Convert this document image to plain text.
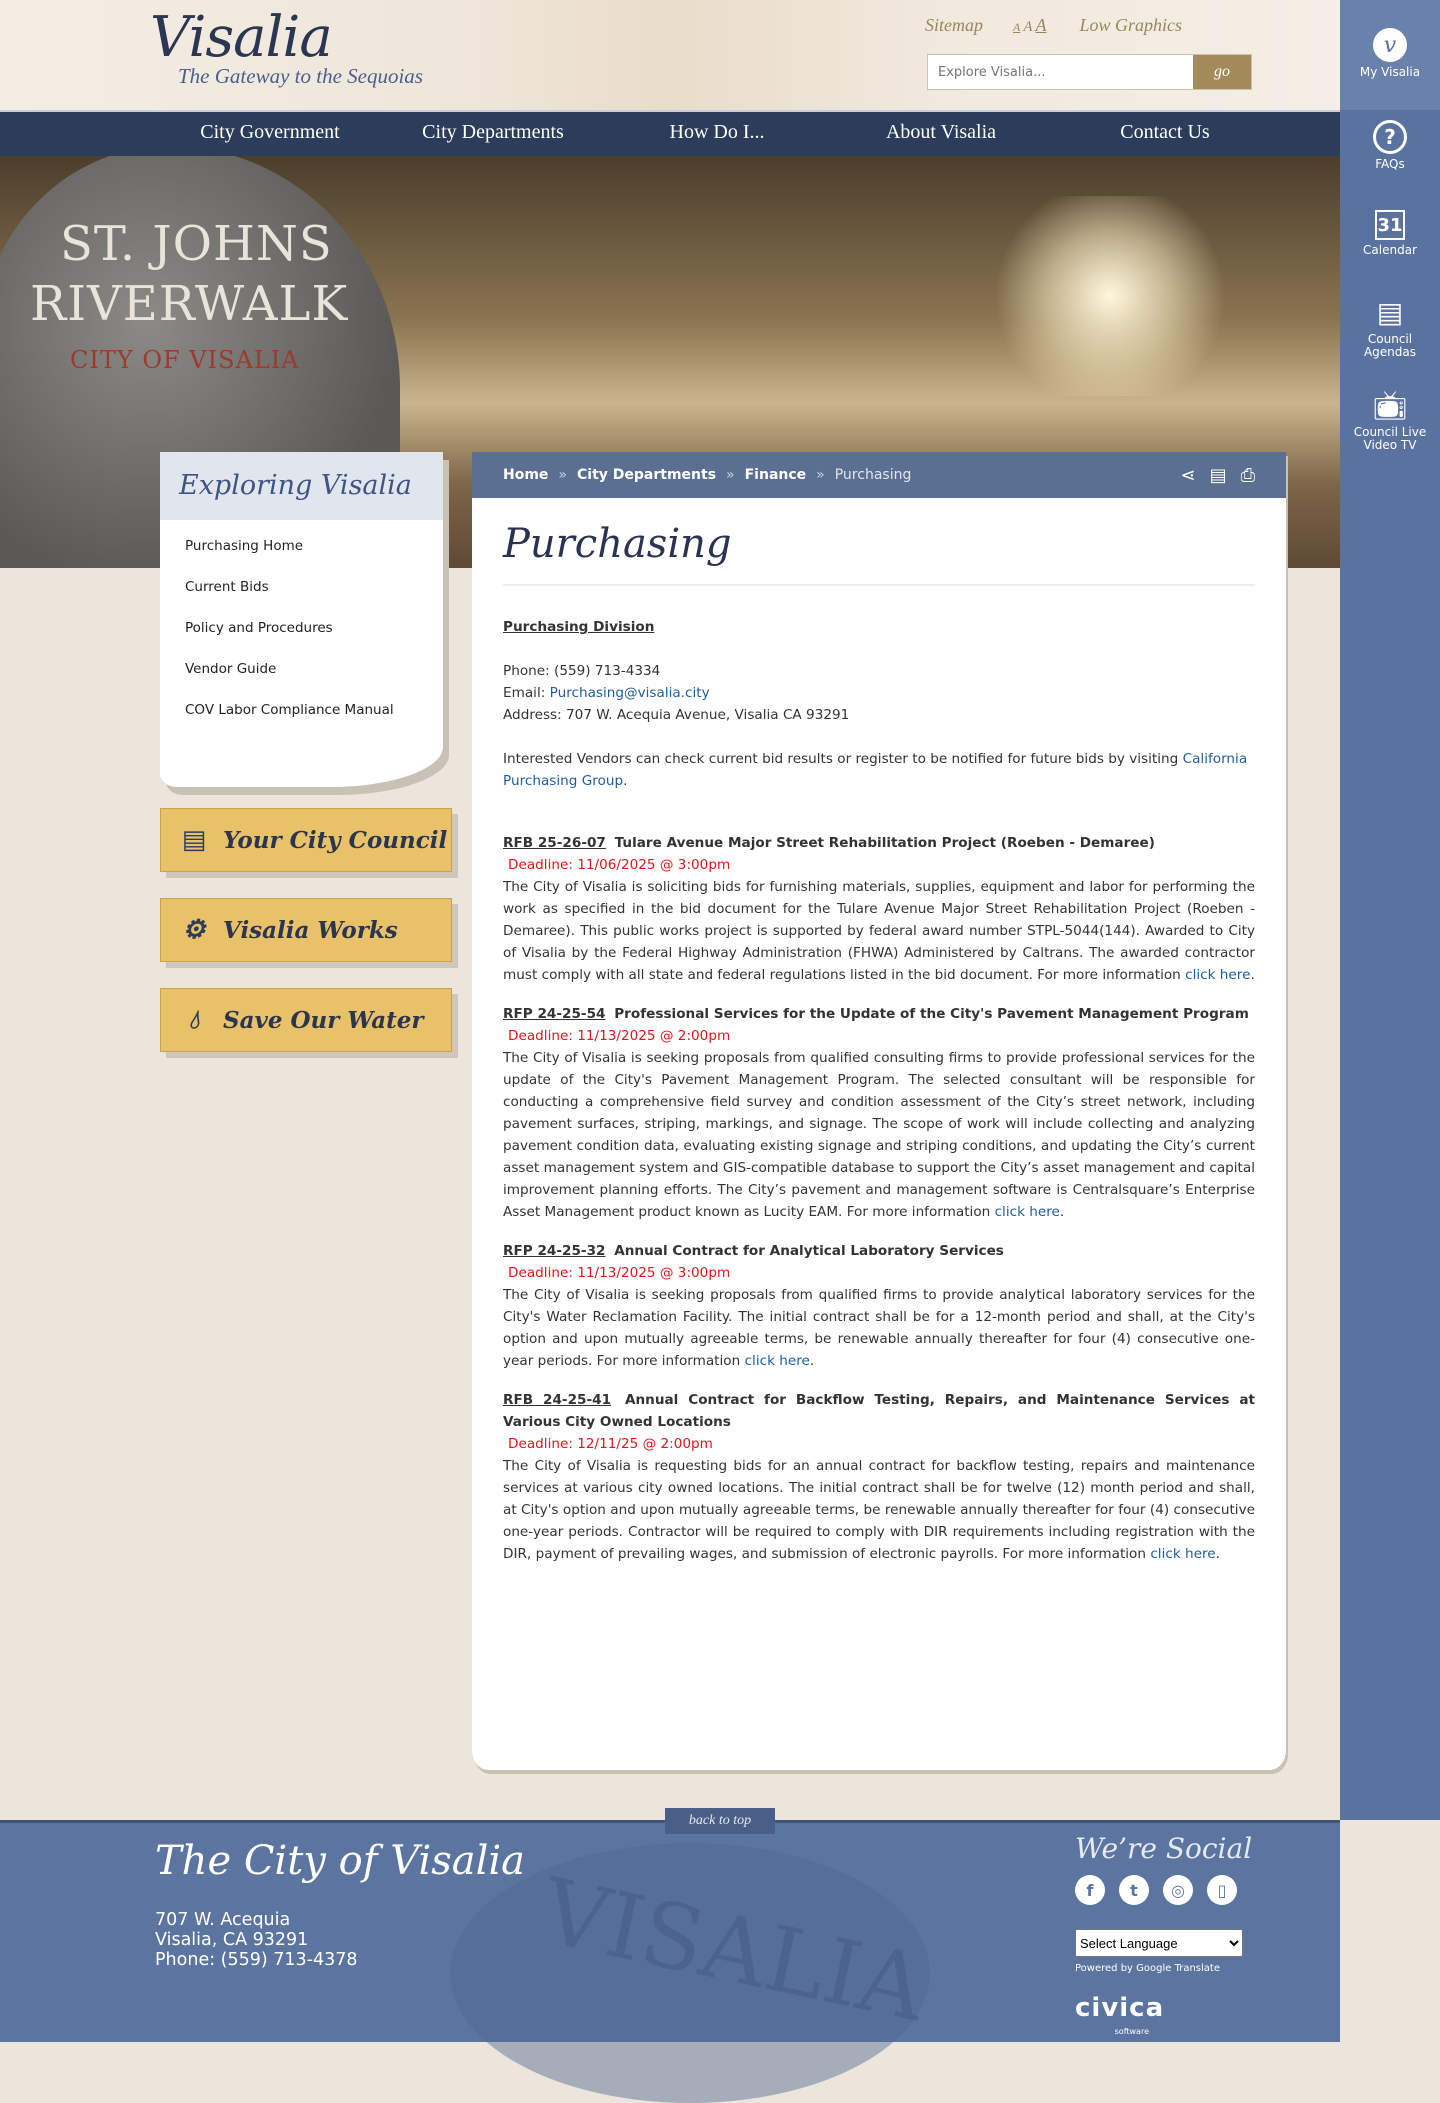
Visalia
The Gateway to the Sequoias
Sitemap	A A A Low Graphics
Explore Visalia...
go
City Government	City Departments	How Do I...	About Visalia	Contact Us
ST. JOHNS
RIVERWALK
CITY OF VISALIA
v
My Visalia
?
FAQs
31
Calendar
▤
Council Agendas
📺︎
Council Live Video TV
Exploring Visalia
Purchasing Home
Current Bids
Policy and Procedures
Vendor Guide
COV Labor Compliance Manual
▤ Your City Council
⚙ Visalia Works
💧︎	Save Our Water
Home » City Departments » Finance » Purchasing	⋖ ▤ ⎙
Purchasing

Purchasing Division

Phone: (559) 713-4334
Email: Purchasing@visalia.city
Address: 707 W. Acequia Avenue, Visalia CA 93291

Interested Vendors can check current bid results or register to be notified for future bids by visiting California Purchasing Group.

RFB 25-26-07 Tulare Avenue Major Street Rehabilitation Project (Roeben - Demaree)
Deadline: 11/06/2025 @ 3:00pm
The City of Visalia is soliciting bids for furnishing materials, supplies, equipment and labor for performing the work as specified in the bid document for the Tulare Avenue Major Street Rehabilitation Project (Roeben - Demaree). This public works project is supported by federal award number STPL-5044(144). Awarded to City of Visalia by the Federal Highway Administration (FHWA) Administered by Caltrans. The awarded contractor must comply with all state and federal regulations listed in the bid document. For more information click here.
RFP 24-25-54 Professional Services for the Update of the City's Pavement Management Program
Deadline: 11/13/2025 @ 2:00pm
The City of Visalia is seeking proposals from qualified consulting firms to provide professional services for the update of the City's Pavement Management Program. The selected consultant will be responsible for conducting a comprehensive field survey and condition assessment of the City’s street network, including pavement surfaces, striping, markings, and signage. The scope of work will include collecting and analyzing pavement condition data, evaluating existing signage and striping conditions, and updating the City’s current asset management system and GIS-compatible database to support the City’s asset management and capital improvement planning efforts. The City’s pavement and management software is Centralsquare’s Enterprise Asset Management product known as Lucity EAM. For more information click here.
RFP 24-25-32 Annual Contract for Analytical Laboratory Services
Deadline: 11/13/2025 @ 3:00pm
The City of Visalia is seeking proposals from qualified firms to provide analytical laboratory services for the City's Water Reclamation Facility. The initial contract shall be for a 12-month period and shall, at the City's option and upon mutually agreeable terms, be renewable annually thereafter for four (4) consecutive one-year periods. For more information click here.
RFB 24-25-41 Annual Contract for Backflow Testing, Repairs, and Maintenance Services at Various City Owned Locations
Deadline: 12/11/25 @ 2:00pm
The City of Visalia is requesting bids for an annual contract for backflow testing, repairs and maintenance services at various city owned locations. The initial contract shall be for twelve (12) month period and shall, at City's option and upon mutually agreeable terms, be renewable annually thereafter for four (4) consecutive one-year periods. Contractor will be required to comply with DIR requirements including registration with the DIR, payment of prevailing wages, and submission of electronic payrolls. For more information click here.
VISALIA
back to top
The City of Visalia
707 W. Acequia
Visalia, CA 93291
Phone: (559) 713-4378
We’re Social
f	t	◎	▯
Select Language
Powered by Google Translate
civica
software
